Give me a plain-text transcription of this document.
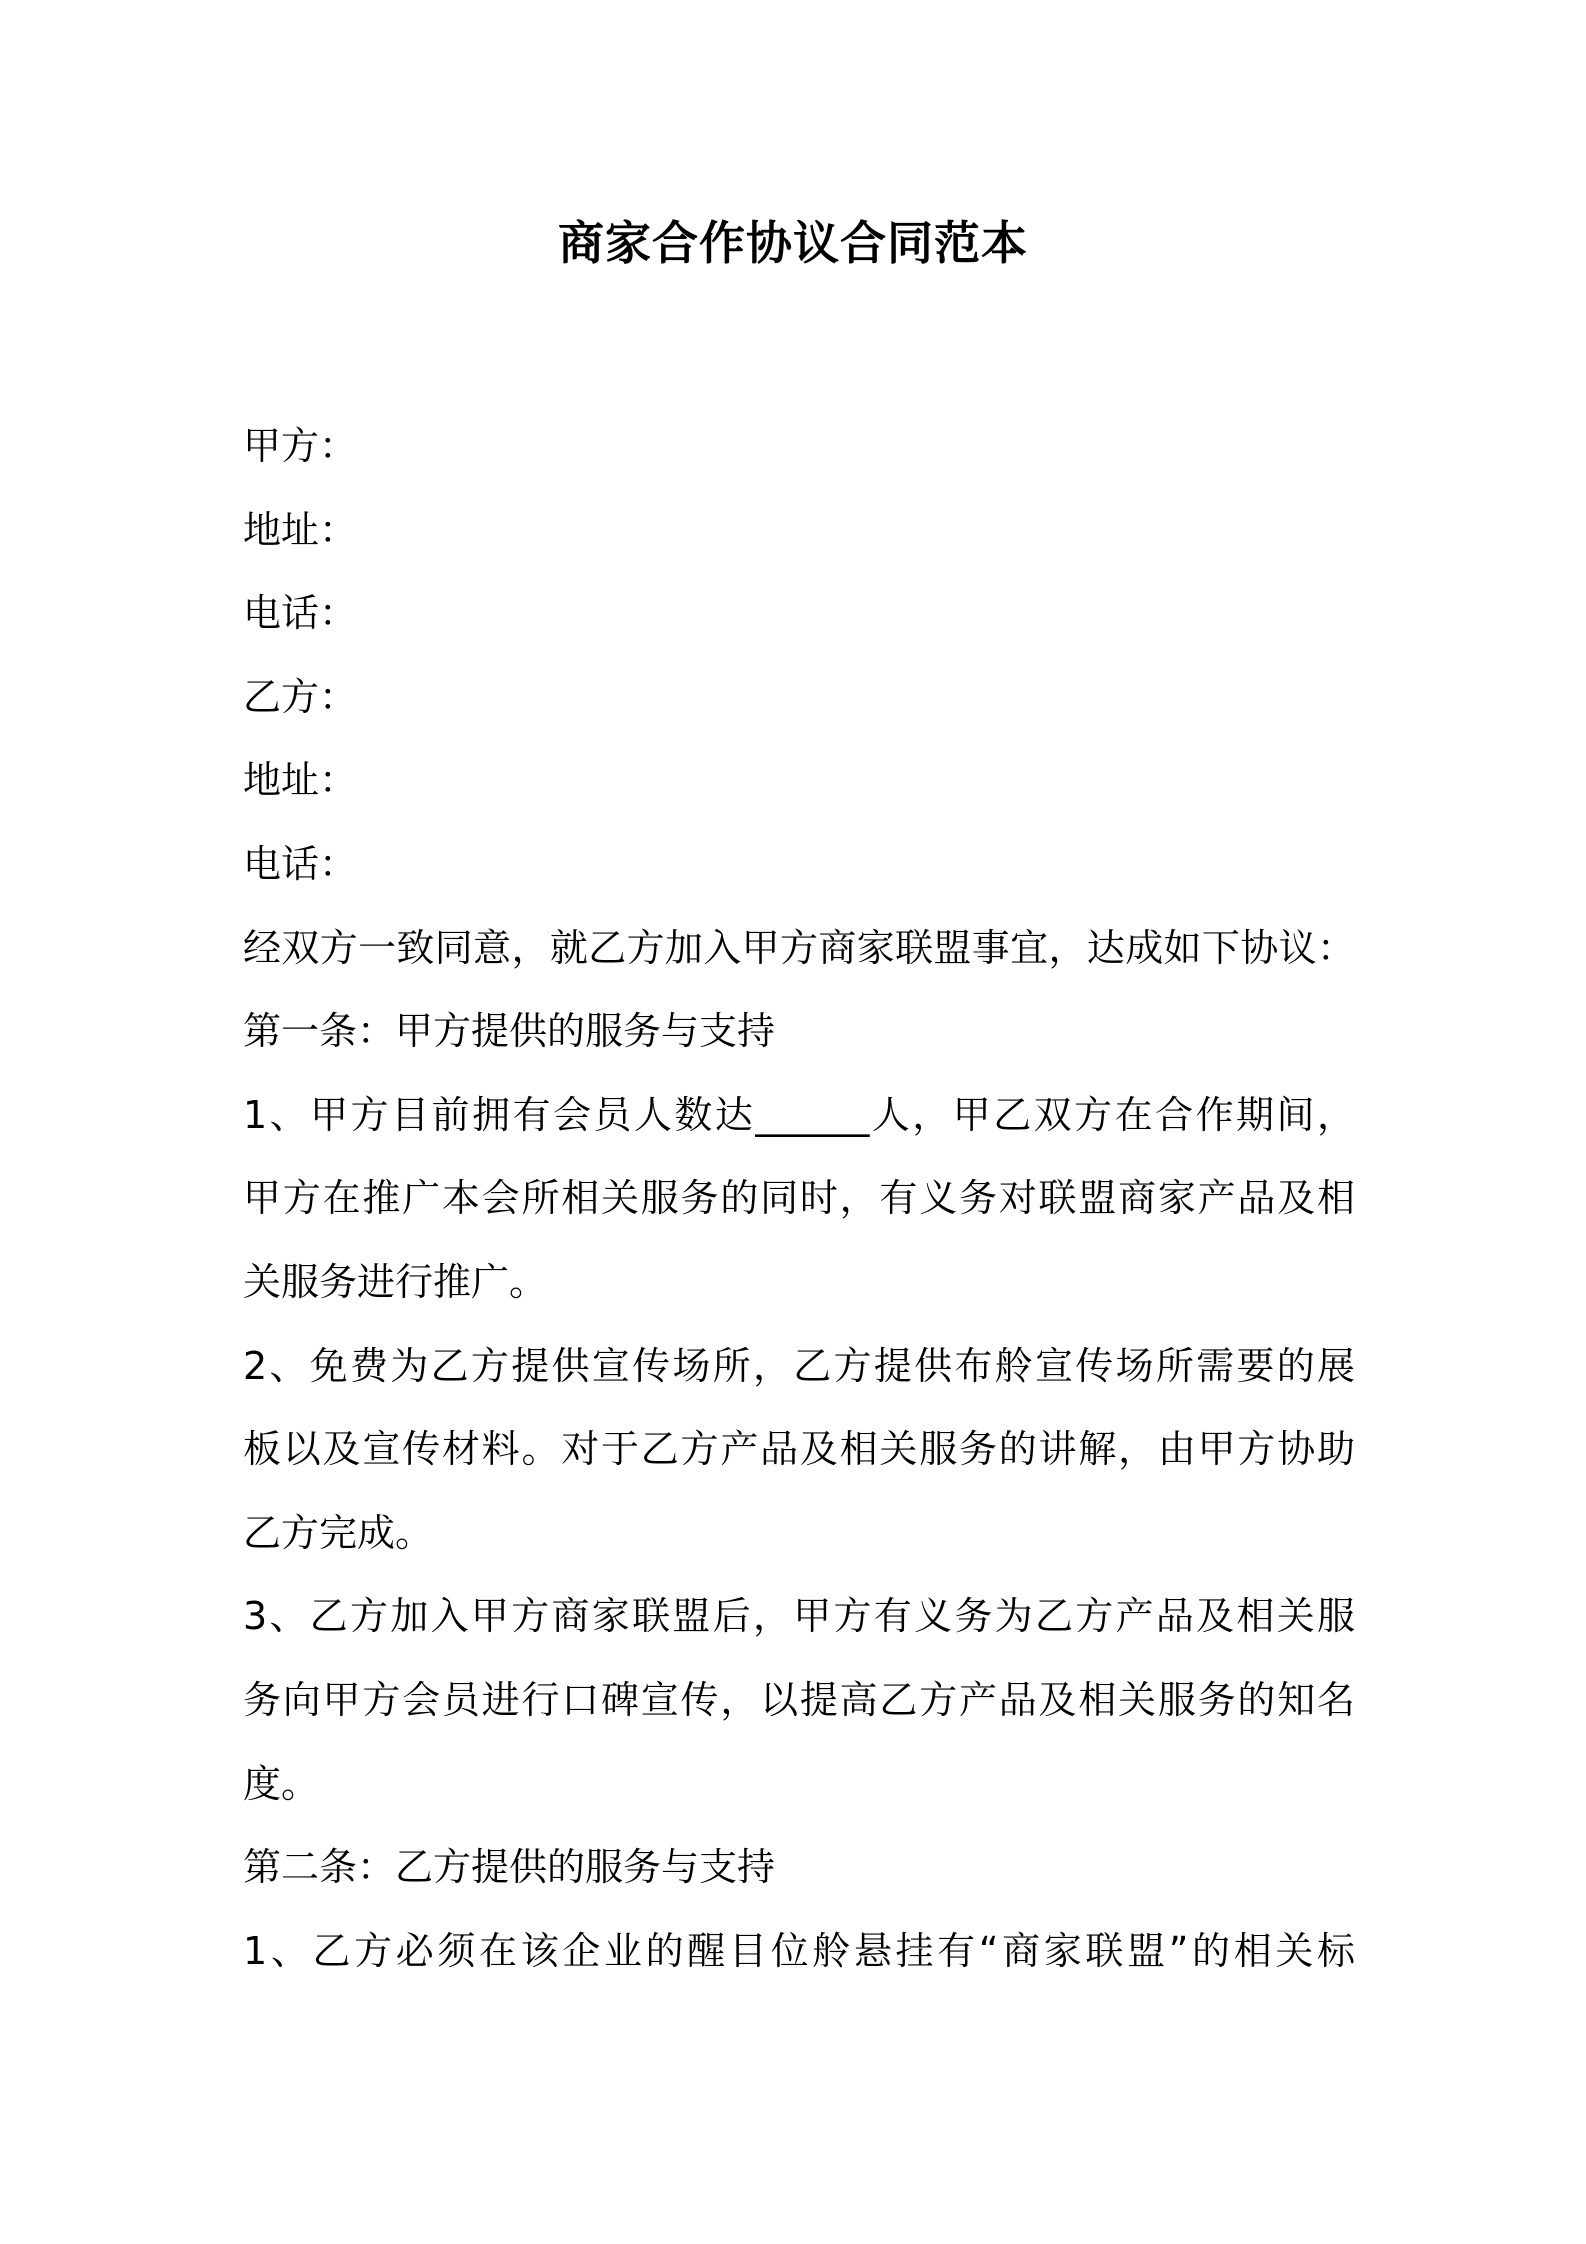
商家合作协议合同范本
甲方：
地址：
电话：
乙方：
地址：
电话：
经双方一致同意，就乙方加入甲方商家联盟事宜，达成如下协议：
第一条：甲方提供的服务与支持
1、甲方目前拥有会员人数达______人，甲乙双方在合作期间，
甲方在推广本会所相关服务的同时，有义务对联盟商家产品及相
关服务进行推广。
2、免费为乙方提供宣传场所，乙方提供布舲宣传场所需要的展
板以及宣传材料。对于乙方产品及相关服务的讲解，由甲方协助
乙方完成。
3、乙方加入甲方商家联盟后，甲方有义务为乙方产品及相关服
务向甲方会员进行口碑宣传，以提高乙方产品及相关服务的知名
度。
第二条：乙方提供的服务与支持
1、乙方必须在该企业的醒目位舲悬挂有“商家联盟”的相关标
